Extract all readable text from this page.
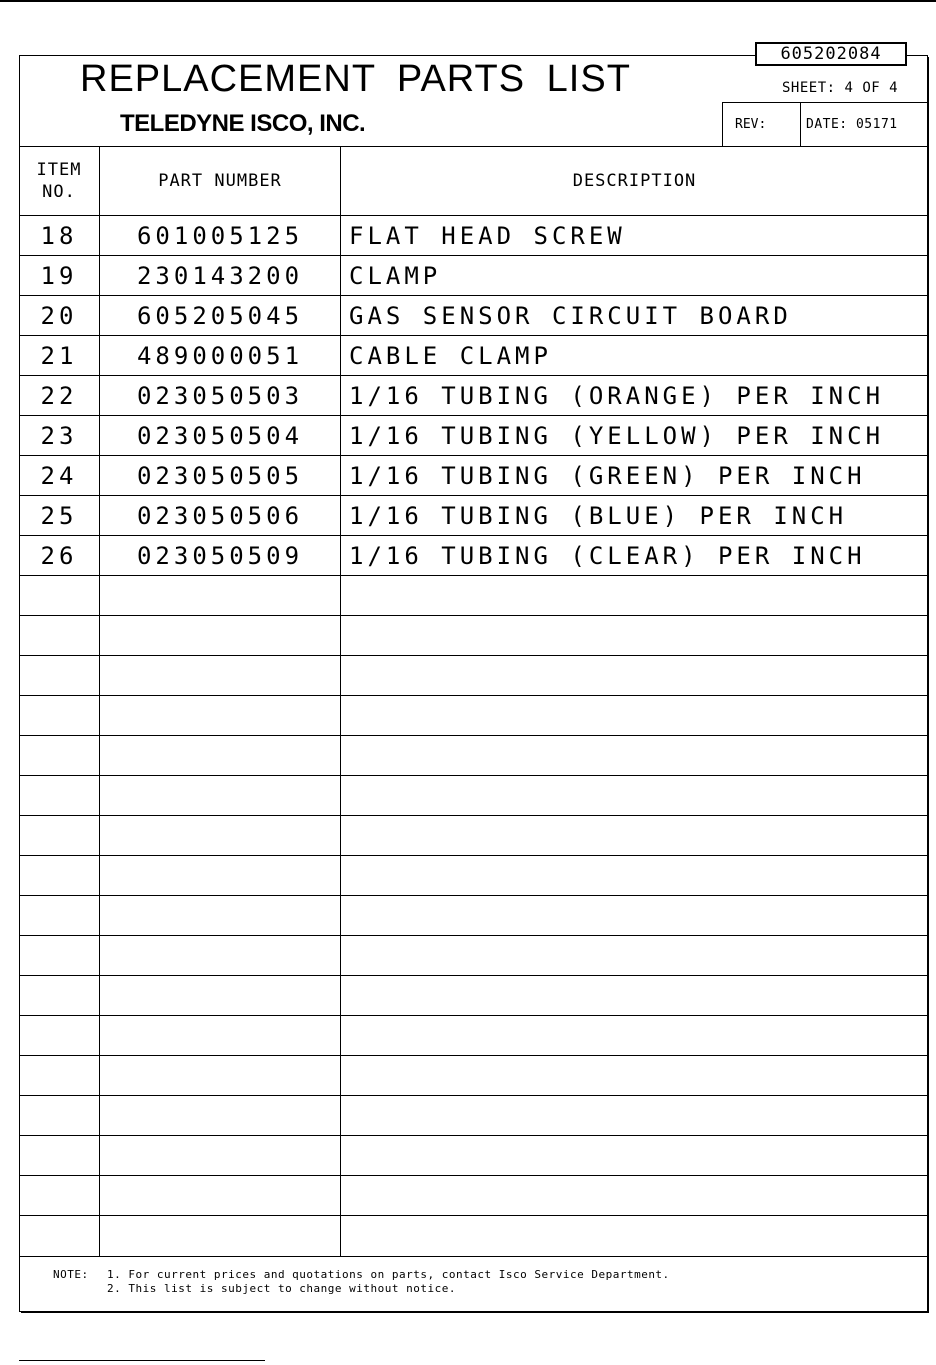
605202084
REPLACEMENT PARTS LIST
TELEDYNE ISCO, INC.
SHEET: 4 OF 4
REV:	DATE: 05171
ITEM
NO.
PART NUMBER	DESCRIPTION
18	601005125	FLAT HEAD SCREW
19	230143200	CLAMP
20	605205045	GAS SENSOR CIRCUIT BOARD
21	489000051	CABLE CLAMP
22	023050503	1/16 TUBING (ORANGE) PER INCH
23	023050504	1/16 TUBING (YELLOW) PER INCH
24	023050505	1/16 TUBING (GREEN) PER INCH
25	023050506	1/16 TUBING (BLUE) PER INCH
26	023050509	1/16 TUBING (CLEAR) PER INCH
NOTE: 1. For current prices and quotations on parts, contact Isco Service Department.
2. This list is subject to change without notice.
